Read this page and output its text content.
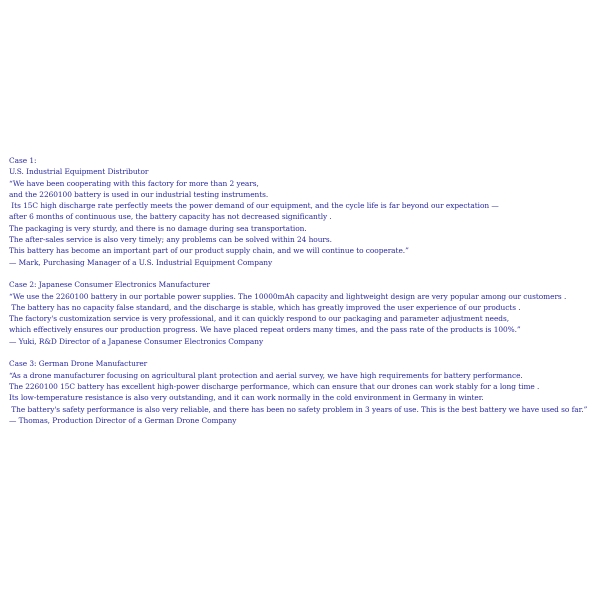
Case 1:
U.S. Industrial Equipment Distributor
“We have been cooperating with this factory for more than 2 years,
and the 2260100 battery is used in our industrial testing instruments.
Its 15C high discharge rate perfectly meets the power demand of our equipment, and the cycle life is far beyond our expectation —
after 6 months of continuous use, the battery capacity has not decreased significantly .
The packaging is very sturdy, and there is no damage during sea transportation.
The after-sales service is also very timely; any problems can be solved within 24 hours.
This battery has become an important part of our product supply chain, and we will continue to cooperate.”
— Mark, Purchasing Manager of a U.S. Industrial Equipment Company
Case 2: Japanese Consumer Electronics Manufacturer
“We use the 2260100 battery in our portable power supplies. The 10000mAh capacity and lightweight design are very popular among our customers .
The battery has no capacity false standard, and the discharge is stable, which has greatly improved the user experience of our products .
The factory's customization service is very professional, and it can quickly respond to our packaging and parameter adjustment needs,
which effectively ensures our production progress. We have placed repeat orders many times, and the pass rate of the products is 100%.”
— Yuki, R&D Director of a Japanese Consumer Electronics Company
Case 3: German Drone Manufacturer
“As a drone manufacturer focusing on agricultural plant protection and aerial survey, we have high requirements for battery performance.
The 2260100 15C battery has excellent high-power discharge performance, which can ensure that our drones can work stably for a long time .
Its low-temperature resistance is also very outstanding, and it can work normally in the cold environment in Germany in winter.
The battery's safety performance is also very reliable, and there has been no safety problem in 3 years of use. This is the best battery we have used so far.”
— Thomas, Production Director of a German Drone Company
